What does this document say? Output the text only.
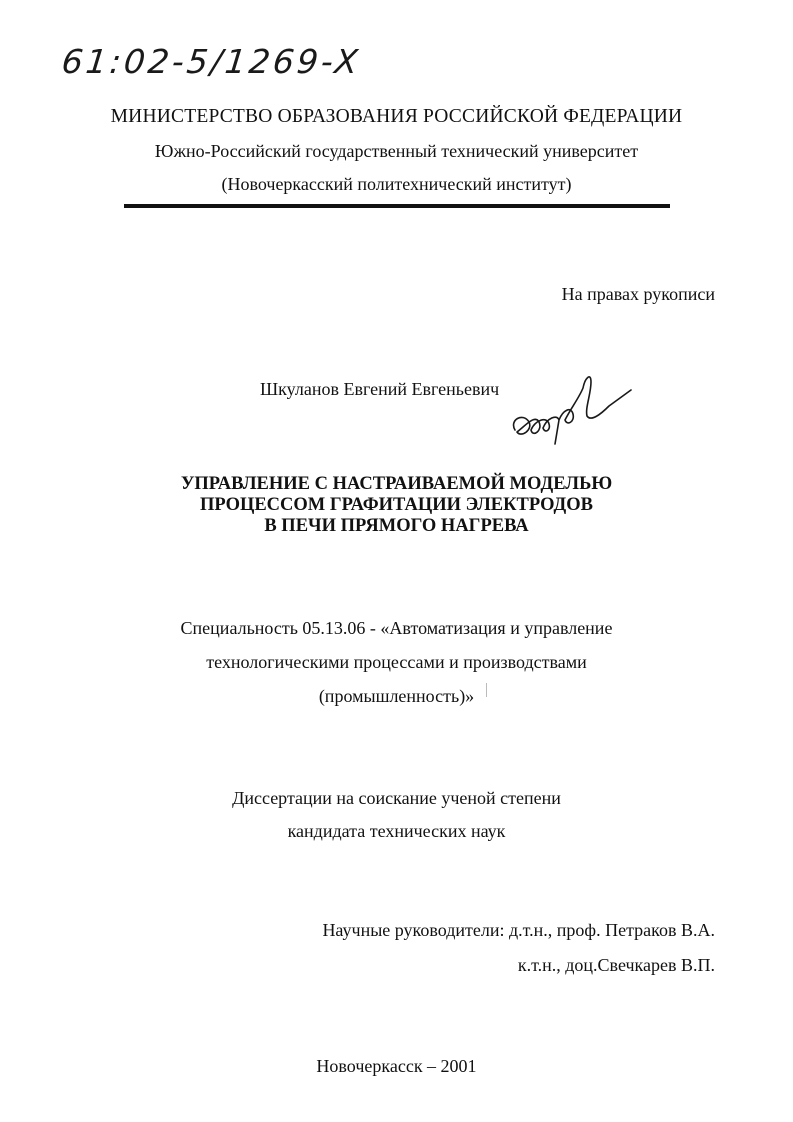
61:02-5/1269-X
МИНИСТЕРСТВО ОБРАЗОВАНИЯ РОССИЙСКОЙ ФЕДЕРАЦИИ
Южно-Российский государственный технический университет
(Новочеркасский политехнический институт)
На правах рукописи
Шкуланов Евгений Евгеньевич
УПРАВЛЕНИЕ С НАСТРАИВАЕМОЙ МОДЕЛЬЮ
ПРОЦЕССОМ ГРАФИТАЦИИ ЭЛЕКТРОДОВ
В ПЕЧИ ПРЯМОГО НАГРЕВА
Специальность 05.13.06 - «Автоматизация и управление
технологическими процессами и производствами
(промышленность)»
Диссертации на соискание ученой степени
кандидата технических наук
Научные руководители: д.т.н., проф. Петраков В.А.
к.т.н., доц.Свечкарев В.П.
Новочеркасск – 2001
